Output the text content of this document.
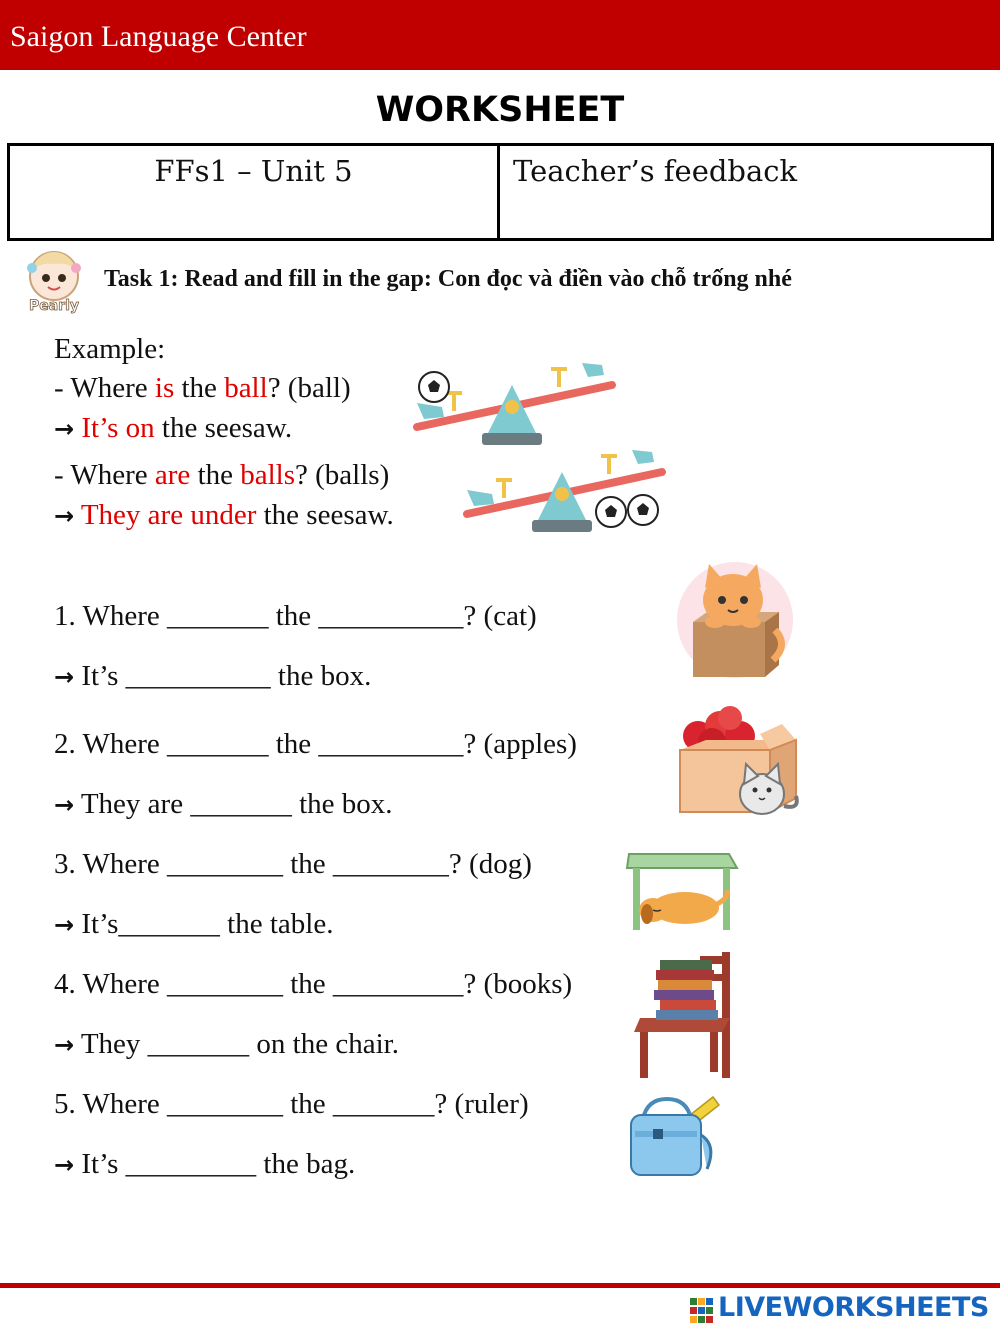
Saigon Language Center
WORKSHEET
FFs1 – Unit 5	Teacher’s feedback
Pearly
Task 1: Read and fill in the gap: Con đọc và điền vào chỗ trống nhé
Example:
- Where is the ball? (ball)
→ It’s on the seesaw.
- Where are the balls? (balls)
→ They are under the seesaw.
1. Where _______ the __________? (cat)
→ It’s __________ the box.
2. Where _______ the __________? (apples)
→ They are _______ the box.
3. Where ________ the ________? (dog)
→ It’s_______ the table.
4. Where ________ the _________? (books)
→ They _______ on the chair.
5. Where ________ the _______? (ruler)
→ It’s _________ the bag.
LIVEWORKSHEETS
